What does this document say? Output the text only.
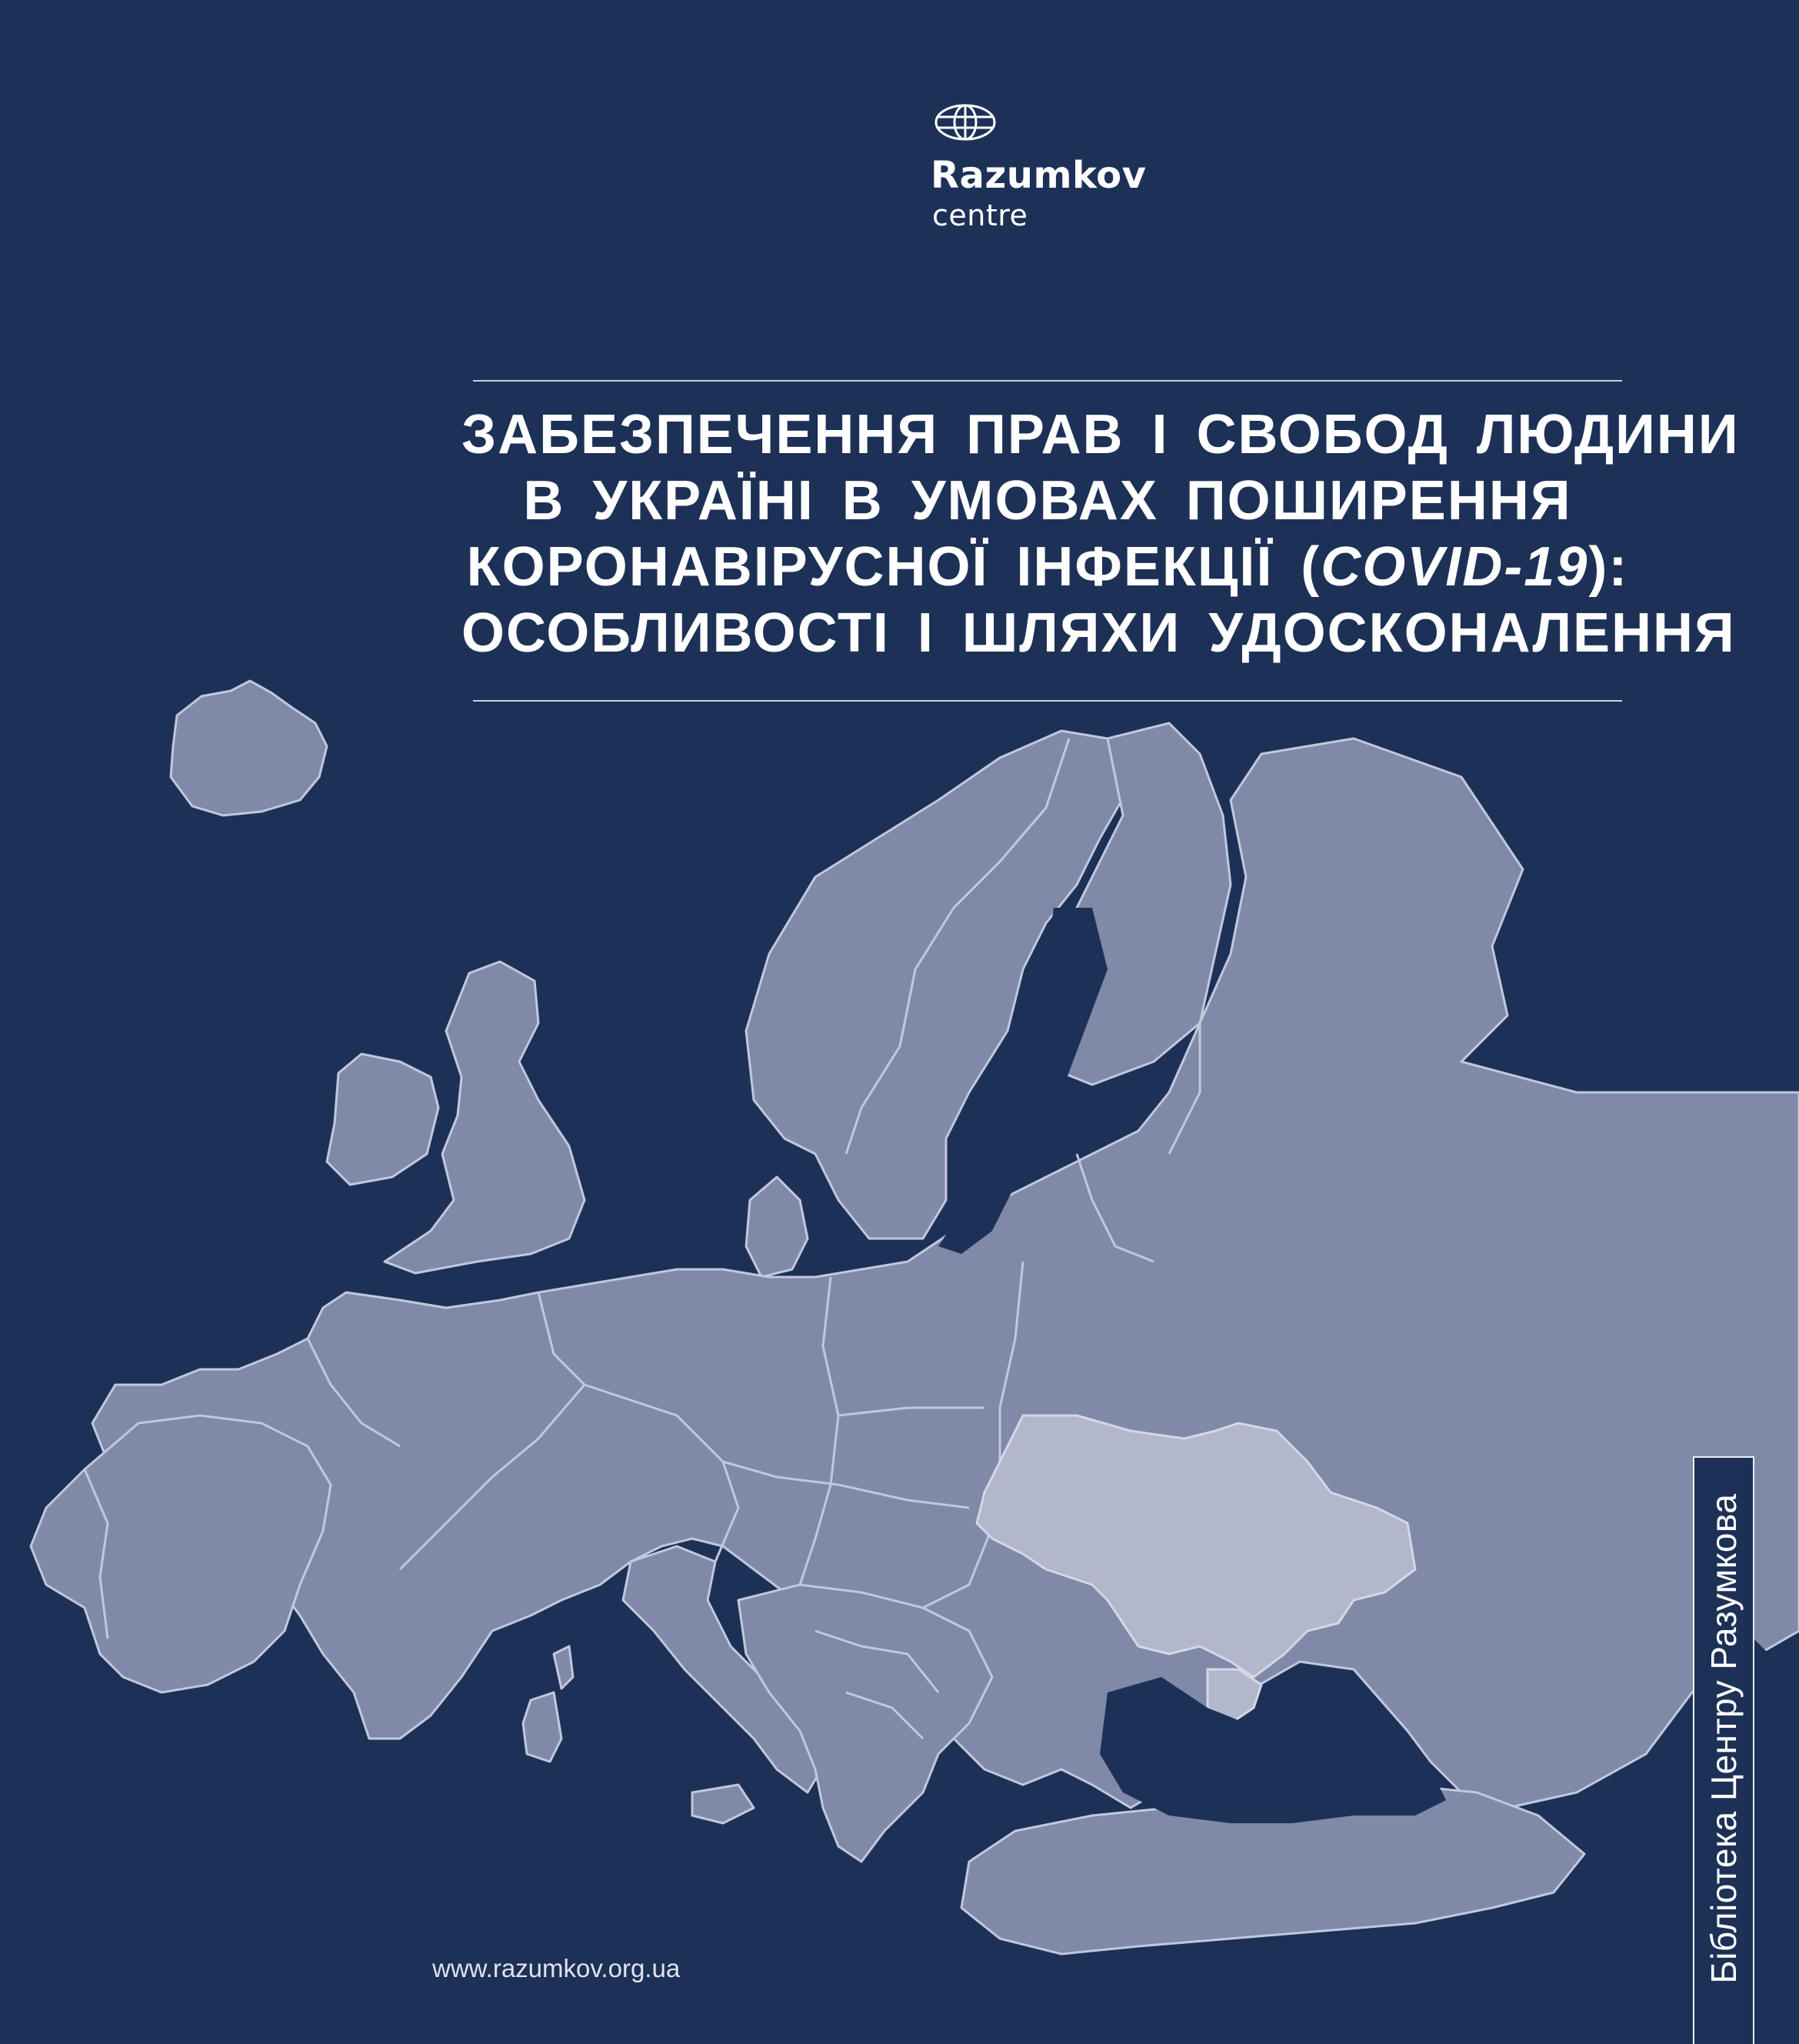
Razumkov
centre
ЗАБЕЗПЕЧЕННЯ ПРАВ І СВОБОД ЛЮДИНИ
В УКРАЇНІ В УМОВАХ ПОШИРЕННЯ
КОРОНАВІРУСНОЇ ІНФЕКЦІЇ (COVID-19):
ОСОБЛИВОСТІ І ШЛЯХИ УДОСКОНАЛЕННЯ
www.razumkov.org.ua	Бібліотека Центру Разумкова
